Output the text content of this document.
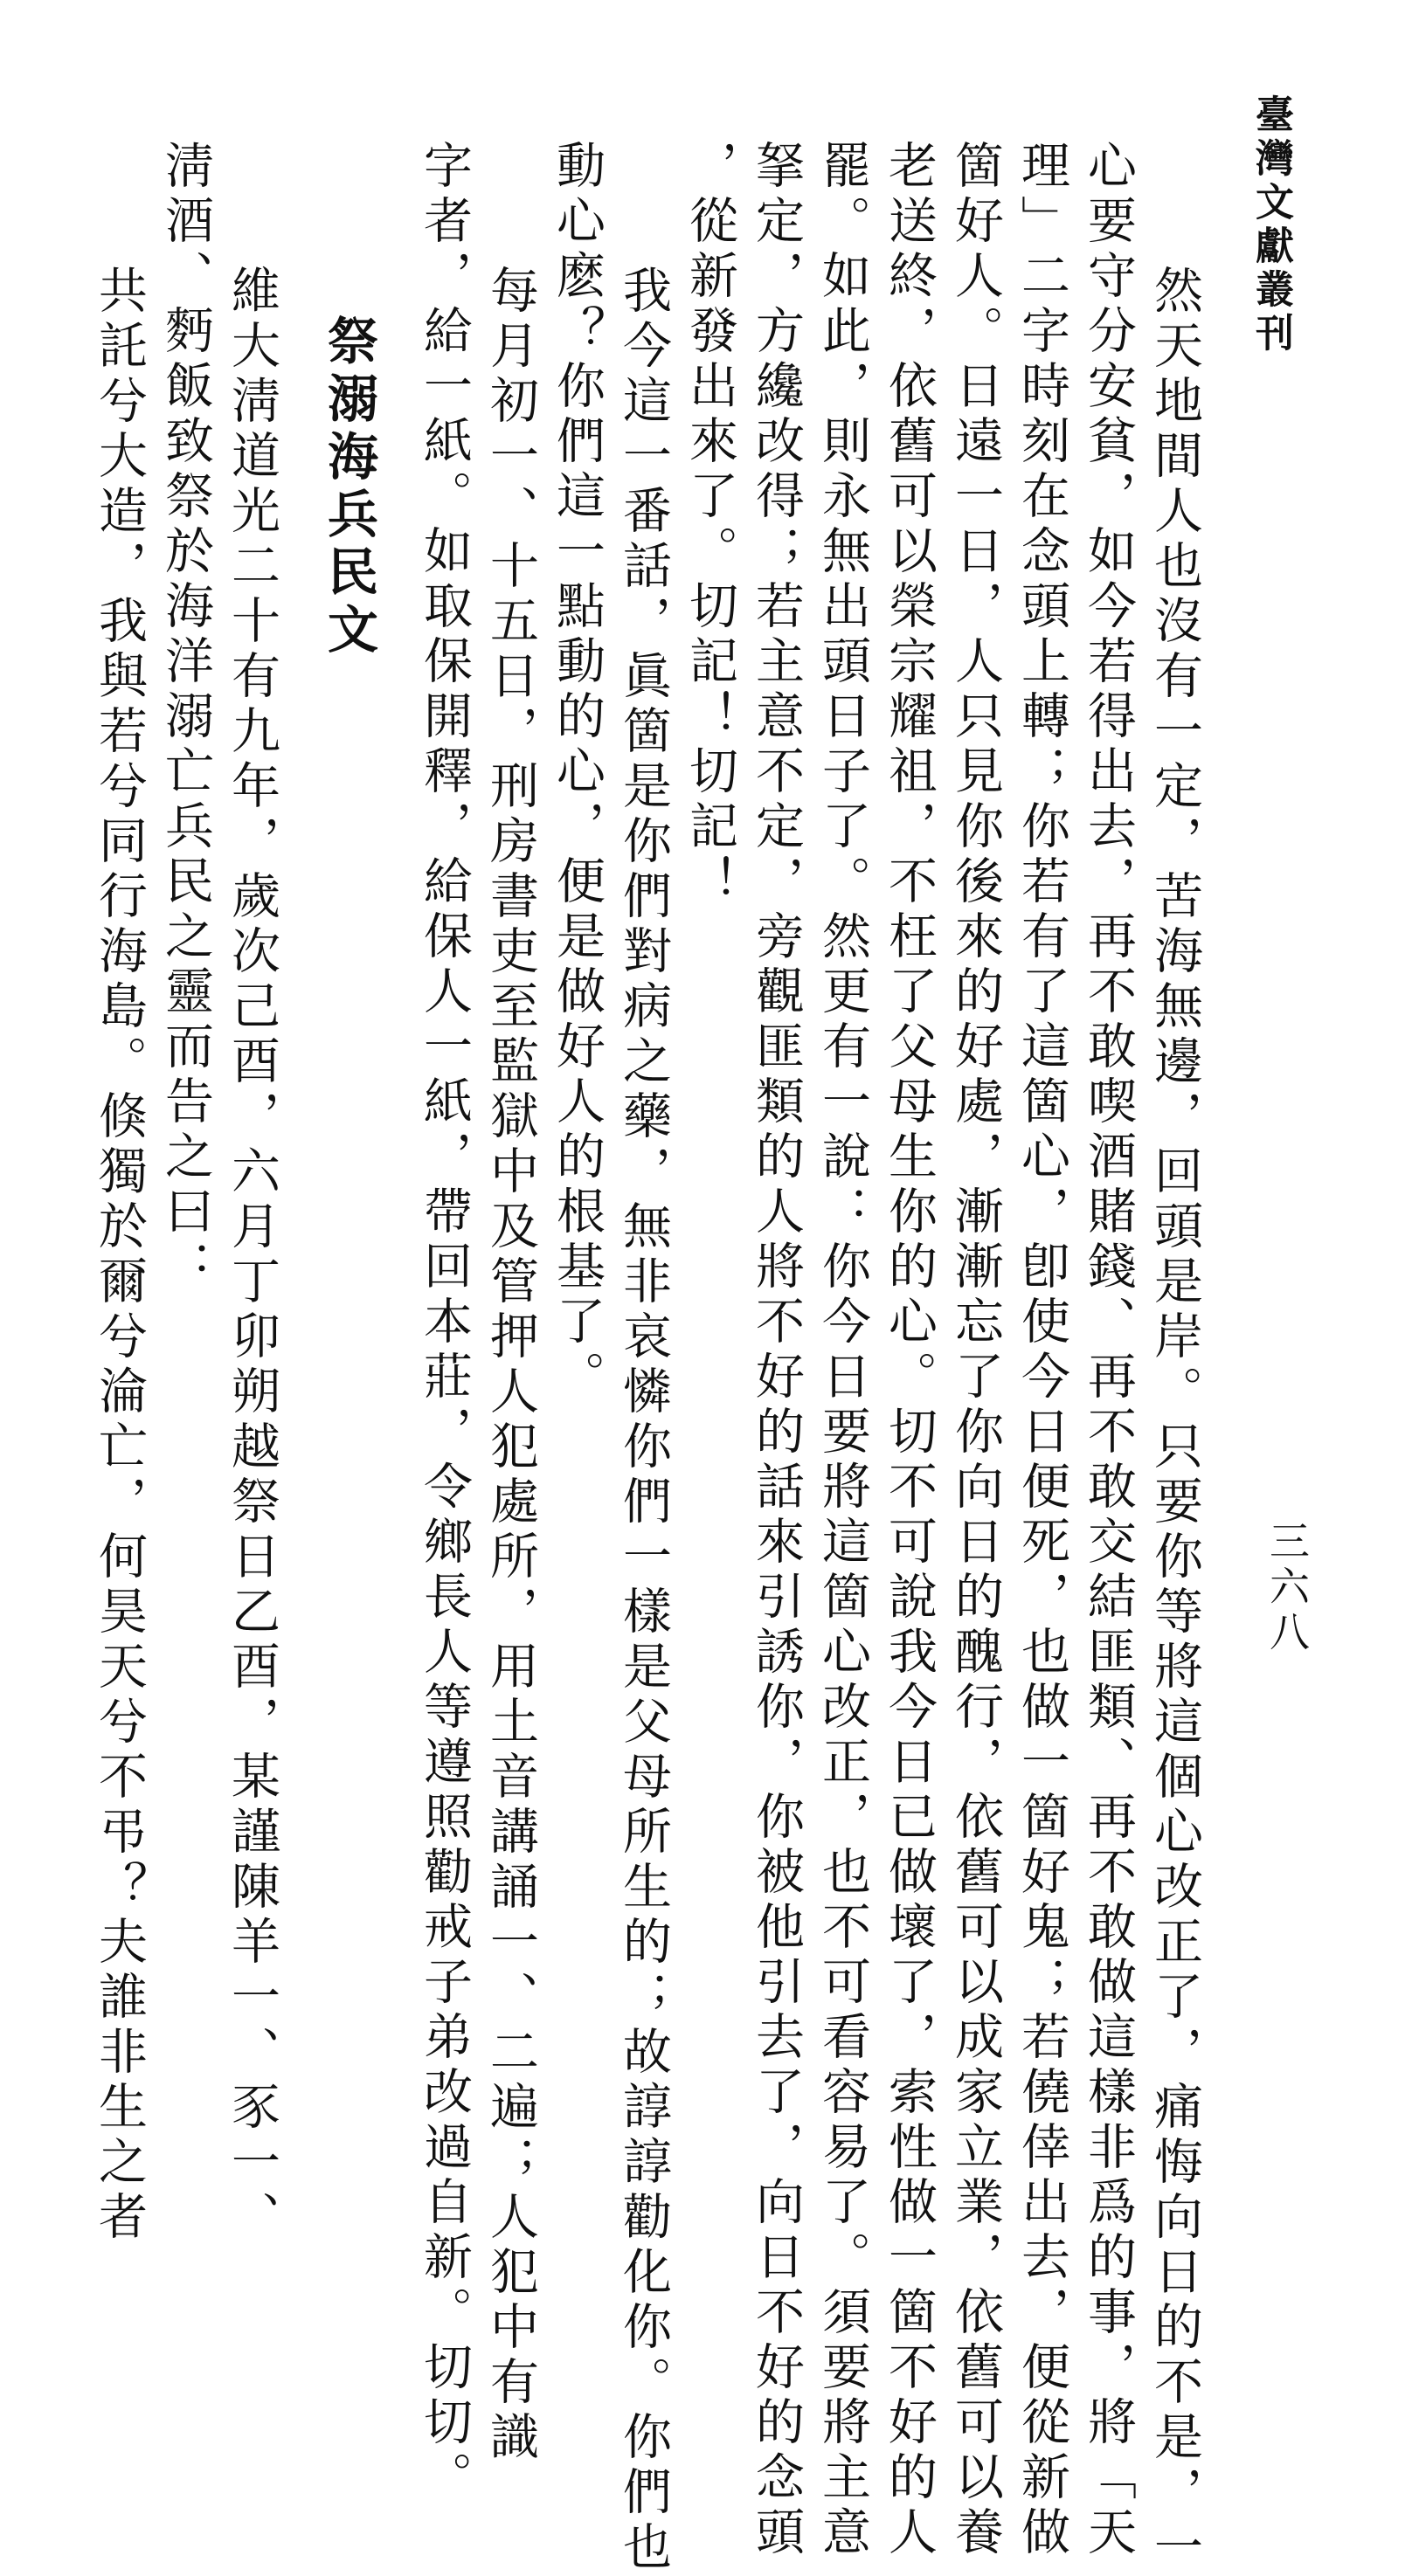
臺灣文獻叢刊
三六八
　然天地間人也沒有一定，苦海無邊，回頭是岸。只要你等將這個心改正了，痛悔向日的不是，一
心要守分安貧，如今若得出去，再不敢喫酒賭錢、再不敢交結匪類、再不敢做這樣非爲的事，將「天
理」二字時刻在念頭上轉；你若有了這箇心，卽使今日便死，也做一箇好鬼；若僥倖出去，便從新做
箇好人。日遠一日，人只見你後來的好處，漸漸忘了你向日的醜行，依舊可以成家立業，依舊可以養
老送終，依舊可以榮宗耀祖，不枉了父母生你的心。切不可說我今日已做壞了，索性做一箇不好的人
罷。如此，則永無出頭日子了。然更有一說：你今日要將這箇心改正，也不可看容易了。須要將主意
拏定，方纔改得；若主意不定，旁觀匪類的人將不好的話來引誘你，你被他引去了，向日不好的念頭
，從新發出來了。切記！切記！
　我今這一番話，眞箇是你們對病之藥，無非哀憐你們一樣是父母所生的；故諄諄勸化你。你們也
動心麽？你們這一點動的心，便是做好人的根基了。
　每月初一、十五日，刑房書吏至監獄中及管押人犯處所，用土音講誦一、二遍；人犯中有識
字者，給一紙。如取保開釋，給保人一紙，帶回本莊，令鄉長人等遵照勸戒子弟改過自新。切切。
祭溺海兵民文
　維大淸道光二十有九年，歲次己酉，六月丁卯朔越祭日乙酉，某謹陳羊一、豕一、
淸酒、麪飯致祭於海洋溺亡兵民之靈而告之曰：
　共託兮大造，我與若兮同行海島。倏獨於爾兮淪亡，何昊天兮不弔？夫誰非生之者
